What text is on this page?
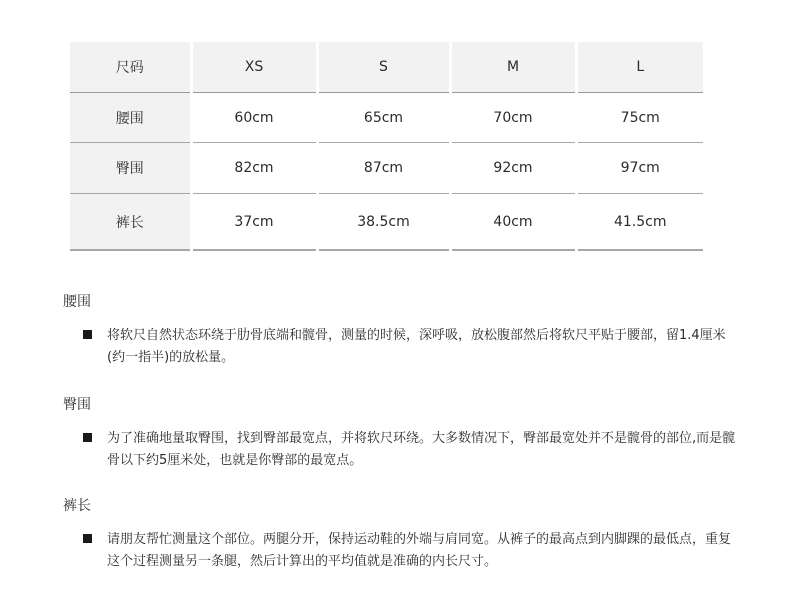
尺码	XS	S	M	L
腰围	60cm	65cm	70cm	75cm
臀围	82cm	87cm	92cm	97cm
裤长	37cm	38.5cm	40cm	41.5cm

腰围

将软尺自然状态环绕于肋骨底端和髋骨，测量的时候，深呼吸，放松腹部然后将软尺平贴于腰部，留1.4厘米(约一指半)的放松量。

臀围

为了准确地量取臀围，找到臀部最宽点，并将软尺环绕。大多数情况下，臀部最宽处并不是髋骨的部位,而是髋骨以下约5厘米处，也就是你臀部的最宽点。

裤长

请朋友帮忙测量这个部位。两腿分开，保持运动鞋的外端与肩同宽。从裤子的最高点到内脚踝的最低点，重复这个过程测量另一条腿，然后计算出的平均值就是准确的内长尺寸。
